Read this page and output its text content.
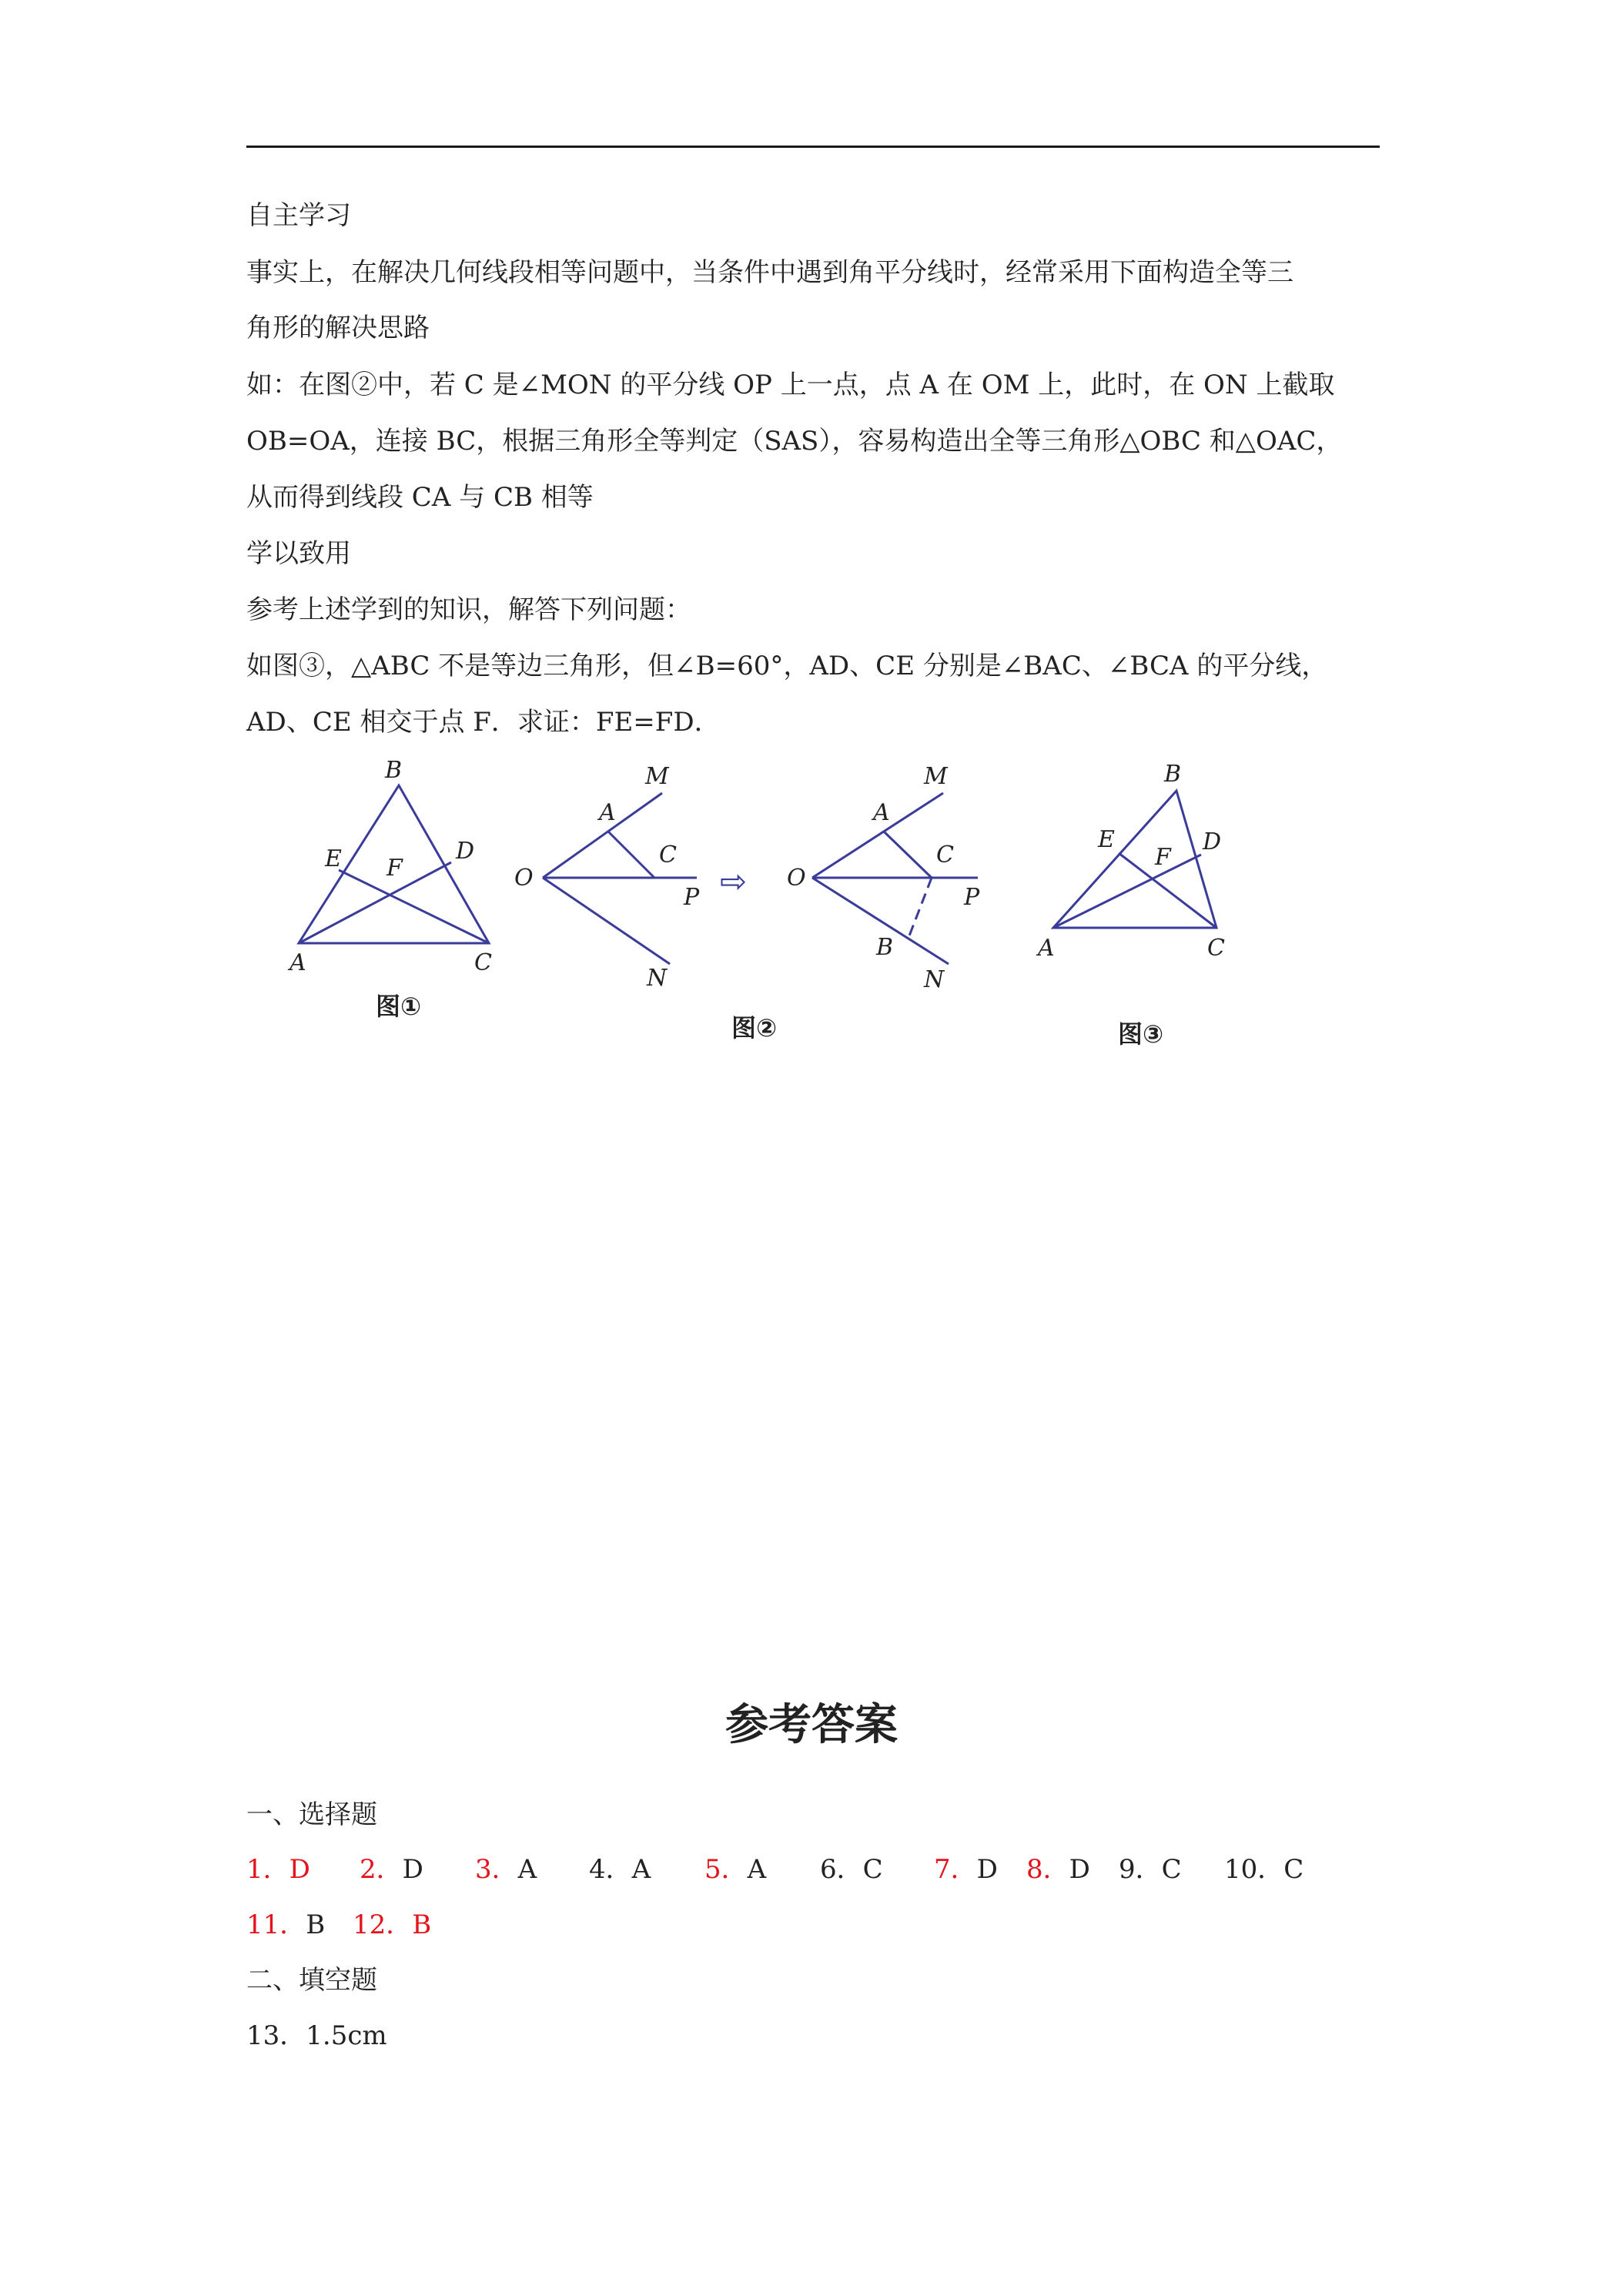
自主学习
事实上，在解决几何线段相等问题中，当条件中遇到角平分线时，经常采用下面构造全等三
角形的解决思路
如：在图②中，若 C 是∠MON 的平分线 OP 上一点，点 A 在 OM 上，此时，在 ON 上截取
OB=OA，连接 BC，根据三角形全等判定（SAS），容易构造出全等三角形△OBC 和△OAC，
从而得到线段 CA 与 CB 相等
学以致用
参考上述学到的知识，解答下列问题：
如图③，△ABC 不是等边三角形，但∠B=60°，AD、CE 分别是∠BAC、∠BCA 的平分线，
AD、CE 相交于点 F．求证：FE=FD．
B
E F
D
A	C
图①
M
A
C
O
P
N
⇨
M
A
C
O
P
B
N
图②
B
E
F
D
A	C
图③
参考答案
一、选择题
1．D 2．D 3．A 4．A 5．A 6．C 7．D 8．D 9．C 10．C
11．B 12．B
二、填空题
13．1.5cm
